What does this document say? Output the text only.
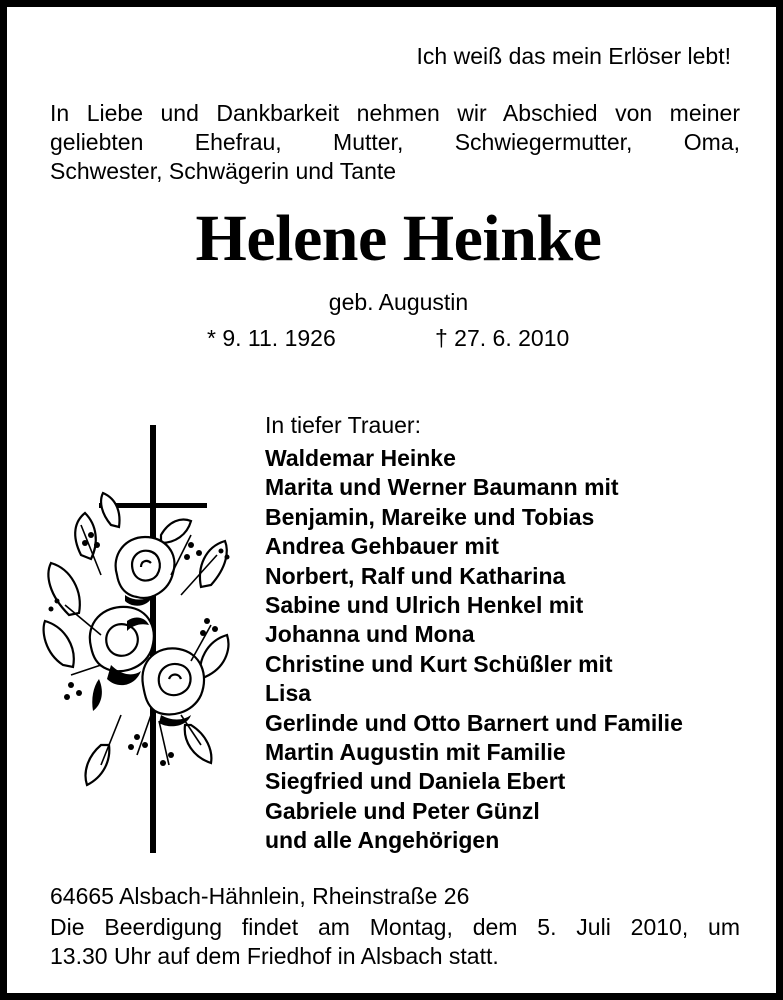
Ich weiß das mein Erlöser lebt!
In Liebe und Dankbarkeit nehmen wir Abschied von meiner
geliebten Ehefrau, Mutter, Schwiegermutter, Oma,
Schwester, Schwägerin und Tante
Helene Heinke
geb. Augustin
* 9. 11. 1926	† 27. 6. 2010
In tiefer Trauer:
Waldemar Heinke
Marita und Werner Baumann mit
Benjamin, Mareike und Tobias
Andrea Gehbauer mit
Norbert, Ralf und Katharina
Sabine und Ulrich Henkel mit
Johanna und Mona
Christine und Kurt Schüßler mit
Lisa
Gerlinde und Otto Barnert und Familie
Martin Augustin mit Familie
Siegfried und Daniela Ebert
Gabriele und Peter Günzl
und alle Angehörigen
64665 Alsbach-Hähnlein, Rheinstraße 26
Die Beerdigung findet am Montag, dem 5. Juli 2010, um
13.30 Uhr auf dem Friedhof in Alsbach statt.
